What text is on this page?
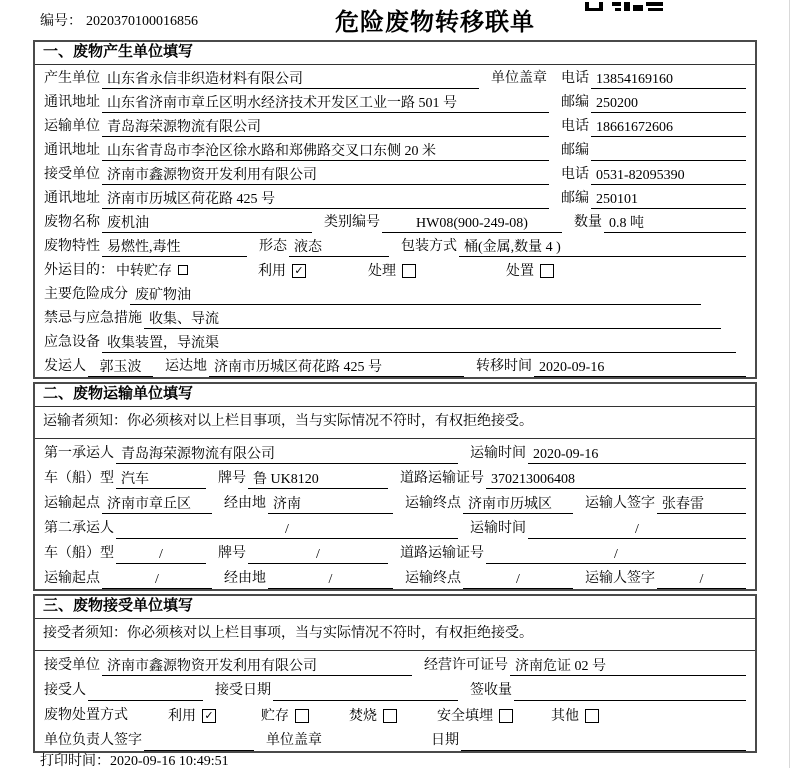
编号： 2020370100016856	危险废物转移联单
一、废物产生单位填写
产生单位 山东省永信非织造材料有限公司	单位盖章 电话 13854169160
通讯地址 山东省济南市章丘区明水经济技术开发区工业一路 501 号	邮编 250200
运输单位 青岛海荣源物流有限公司	电话 18661672606
通讯地址 山东省青岛市李沧区徐水路和郑佛路交叉口东侧 20 米	邮编
接受单位 济南市鑫源物资开发利用有限公司	电话 0531-82095390
通讯地址 济南市历城区荷花路 425 号	邮编 250101
废物名称 废机油	类别编号	HW08(900-249-08)	数量 0.8 吨
废物特性 易燃性,毒性	形态 液态	包装方式 桶(金属,数量 4 )
外运目的： 中转贮存	利用 ✓	处理	处置
主要危险成分 废矿物油
禁忌与应急措施 收集、导流
应急设备 收集装置，导流渠
发运人 郭玉波	运达地 济南市历城区荷花路 425 号	转移时间 2020-09-16
二、废物运输单位填写
运输者须知：你必须核对以上栏目事项，当与实际情况不符时，有权拒绝接受。
第一承运人 青岛海荣源物流有限公司	运输时间 2020-09-16
车（船）型 汽车	牌号 鲁 UK8120	道路运输证号 370213006408
运输起点 济南市章丘区	经由地 济南	运输终点 济南市历城区	运输人签字 张春雷
第二承运人	/	运输时间	/
车（船）型	/	牌号	/	道路运输证号	/
运输起点	/	经由地	/	运输终点	/	运输人签字	/
三、废物接受单位填写
接受者须知：你必须核对以上栏目事项，当与实际情况不符时，有权拒绝接受。
接受单位 济南市鑫源物资开发利用有限公司	经营许可证号 济南危证 02 号
接受人	接受日期	签收量
废物处置方式	利用 ✓	贮存	焚烧	安全填埋	其他
单位负责人签字	单位盖章	日期
打印时间：2020-09-16 10:49:51
